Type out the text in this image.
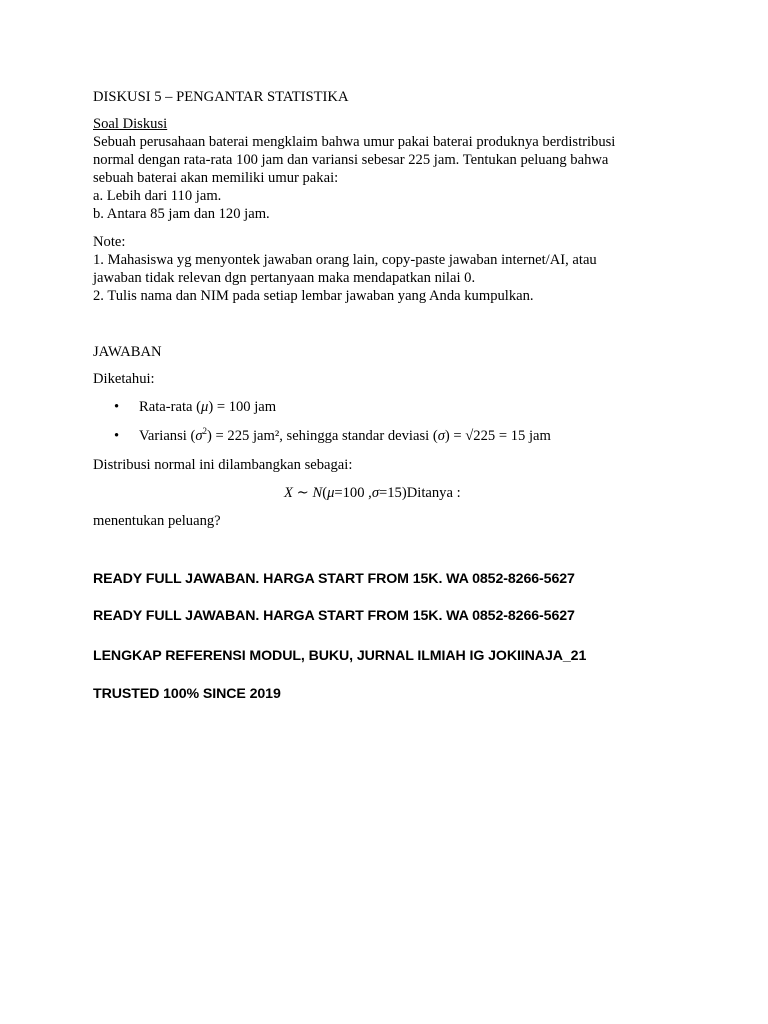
DISKUSI 5 – PENGANTAR STATISTIKA

Soal Diskusi

Sebuah perusahaan baterai mengklaim bahwa umur pakai baterai produknya berdistribusi

normal dengan rata-rata 100 jam dan variansi sebesar 225 jam. Tentukan peluang bahwa

sebuah baterai akan memiliki umur pakai:

a. Lebih dari 110 jam.

b. Antara 85 jam dan 120 jam.

Note:

1. Mahasiswa yg menyontek jawaban orang lain, copy-paste jawaban internet/AI, atau

jawaban tidak relevan dgn pertanyaan maka mendapatkan nilai 0.

2. Tulis nama dan NIM pada setiap lembar jawaban yang Anda kumpulkan.

JAWABAN

Diketahui:

• Rata-rata (μ) = 100 jam
• Variansi $(\sigma^2) = 225$ jam², sehingga standar deviasi (σ) = √225 = 15 jam

Distribusi normal ini dilambangkan sebagai:

X ∼ N(μ=100 ,σ=15)Ditanya :

menentukan peluang?

READY FULL JAWABAN. HARGA START FROM 15K. WA 0852-8266-5627

READY FULL JAWABAN. HARGA START FROM 15K. WA 0852-8266-5627

LENGKAP REFERENSI MODUL, BUKU, JURNAL ILMIAH IG JOKIINAJA_21

TRUSTED 100% SINCE 2019
